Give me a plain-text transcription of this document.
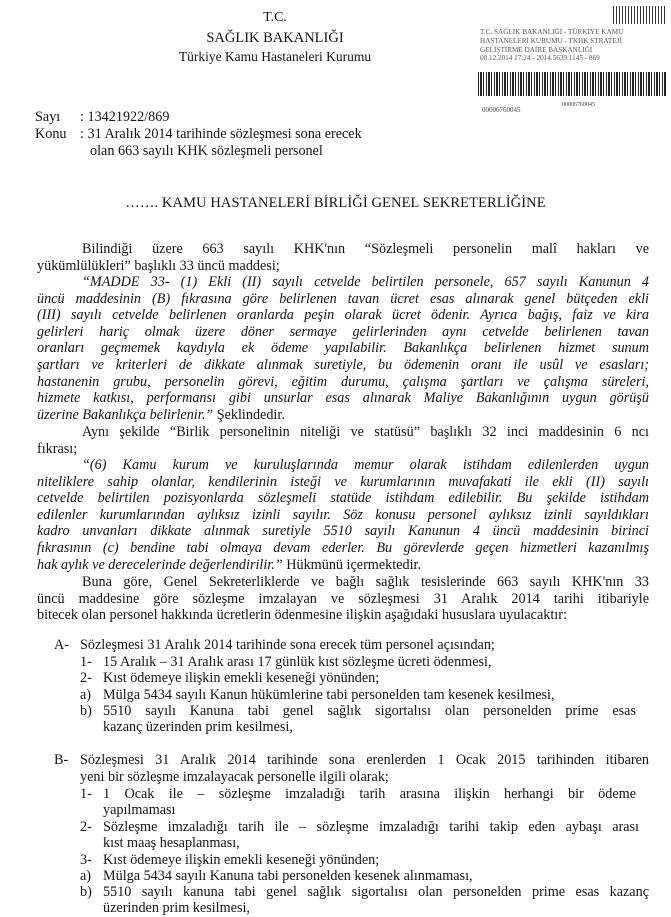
T.C.
SAĞLIK BAKANLIĞI
Türkiye Kamu Hastaneleri Kurumu
T.C. SAĞLIK BAKANLIĞI - TÜRKİYE KAMU
HASTANELERİ KURUMU - TKHK STRATEJİ
GELİŞTİRME DAİRE BAŞKANLIĞI
08.12.2014 17:24 - 2014.5639.1145 - 869
00006760045
00006760045
Sayı	: 13421922/869
Konu : 31 Aralık 2014 tarihinde sözleşmesi sona erecek
olan 663 sayılı KHK sözleşmeli personel
……. KAMU HASTANELERİ BİRLİĞİ GENEL SEKRETERLİĞİNE
Bilindiği üzere 663 sayılı KHK'nın “Sözleşmeli personelin malî hakları ve
yükümlülükleri” başlıklı 33 üncü maddesi;
“MADDE 33- (1) Ekli (II) sayılı cetvelde belirtilen personele, 657 sayılı Kanunun 4
üncü maddesinin (B) fıkrasına göre belirlenen tavan ücret esas alınarak genel bütçeden ekli
(III) sayılı cetvelde belirlenen oranlarda peşin olarak ücret ödenir. Ayrıca bağış, faiz ve kira
gelirleri hariç olmak üzere döner sermaye gelirlerinden aynı cetvelde belirlenen tavan
oranları geçmemek kaydıyla ek ödeme yapılabilir. Bakanlıkça belirlenen hizmet sunum
şartları ve kriterleri de dikkate alınmak suretiyle, bu ödemenin oranı ile usûl ve esasları;
hastanenin grubu, personelin görevi, eğitim durumu, çalışma şartları ve çalışma süreleri,
hizmete katkısı, performansı gibi unsurlar esas alınarak Maliye Bakanlığının uygun görüşü
üzerine Bakanlıkça belirlenir.” Şeklindedir.
Aynı şekilde “Birlik personelinin niteliği ve statüsü” başlıklı 32 inci maddesinin 6 ncı
fıkrası;
“(6) Kamu kurum ve kuruluşlarında memur olarak istihdam edilenlerden uygun
niteliklere sahip olanlar, kendilerinin isteği ve kurumlarının muvafakati ile ekli (II) sayılı
cetvelde belirtilen pozisyonlarda sözleşmeli statüde istihdam edilebilir. Bu şekilde istihdam
edilenler kurumlarından aylıksız izinli sayılır. Söz konusu personel aylıksız izinli sayıldıkları
kadro unvanları dikkate alınmak suretiyle 5510 sayılı Kanunun 4 üncü maddesinin birinci
fıkrasının (c) bendine tabi olmaya devam ederler. Bu görevlerde geçen hizmetleri kazanılmış
hak aylık ve derecelerinde değerlendirilir.” Hükmünü içermektedir.
Buna göre, Genel Sekreterliklerde ve bağlı sağlık tesislerinde 663 sayılı KHK'nın 33
üncü maddesine göre sözleşme imzalayan ve sözleşmesi 31 Aralık 2014 tarihi itibariyle
bitecek olan personel hakkında ücretlerin ödenmesine ilişkin aşağıdaki hususlara uyulacaktır:
A- Sözleşmesi 31 Aralık 2014 tarihinde sona erecek tüm personel açısından;
1- 15 Aralık – 31 Aralık arası 17 günlük kıst sözleşme ücreti ödenmesi,
2- Kıst ödemeye ilişkin emekli keseneği yönünden;
a) Mülga 5434 sayılı Kanun hükümlerine tabi personelden tam kesenek kesilmesi,
b) 5510 sayılı Kanuna tabi genel sağlık sigortalısı olan personelden prime esas
kazanç üzerinden prim kesilmesi,
B- Sözleşmesi 31 Aralık 2014 tarihinde sona erenlerden 1 Ocak 2015 tarihinden itibaren
yeni bir sözleşme imzalayacak personelle ilgili olarak;
1- 1 Ocak ile – sözleşme imzaladığı tarih arasına ilişkin herhangi bir ödeme
yapılmaması
2- Sözleşme imzaladığı tarih ile – sözleşme imzaladığı tarihi takip eden aybaşı arası
kıst maaş hesaplanması,
3- Kıst ödemeye ilişkin emekli keseneği yönünden;
a) Mülga 5434 sayılı Kanuna tabi personelden kesenek alınmaması,
b) 5510 sayılı kanuna tabi genel sağlık sigortalısı olan personelden prime esas kazanç
üzerinden prim kesilmesi,
